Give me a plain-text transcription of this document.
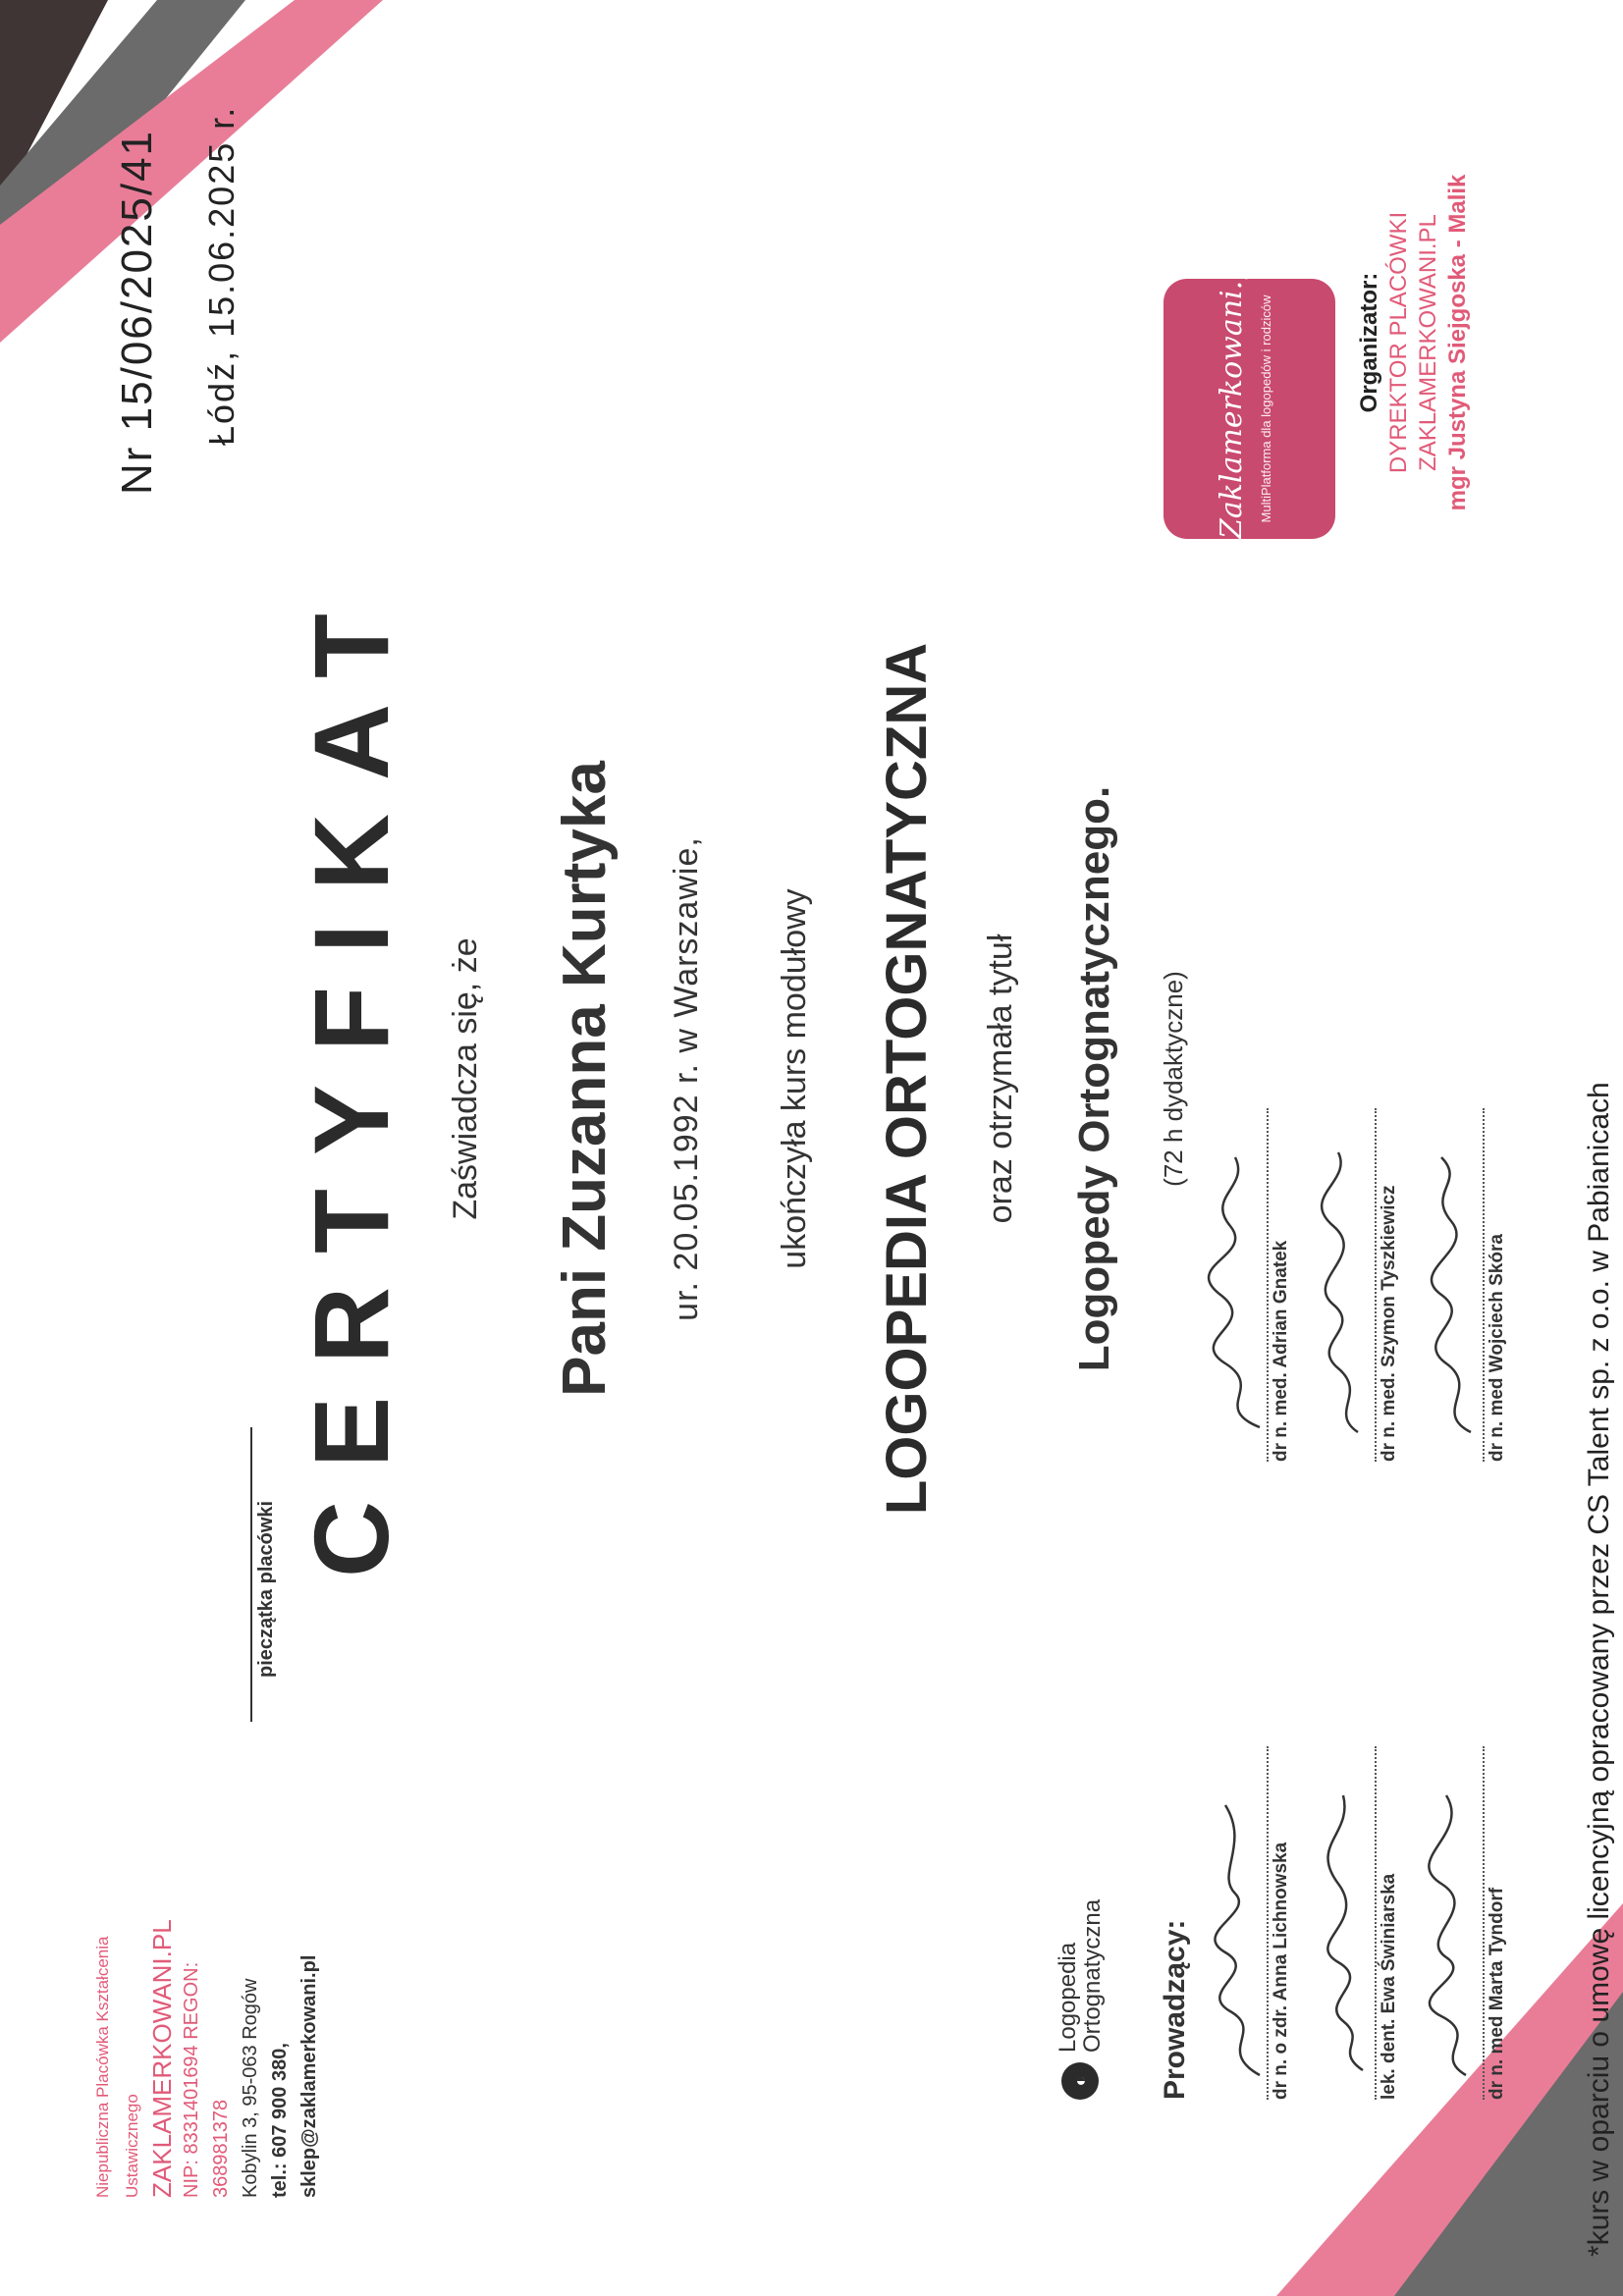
Niepubliczna Placówka Kształcenia Ustawicznego ZAKLAMERKOWANI.PL NIP: 8331401694 REGON: 368981378 Kobylin 3, 95-063 Rogów tel.: 607 900 380, sklep@zaklamerkowani.pl
pieczątka placówki
Nr 15/06/2025/41 Łódź, 15.06.2025 r.
CERTYFIKAT Zaświadcza się, że Pani Zuzanna Kurtyka ur. 20.05.1992 r. w Warszawie, ukończyła kurs modułowy LOGOPEDIA ORTOGNATYCZNA oraz otrzymała tytuł Logopedy Ortognatycznego. (72 h dydaktyczne)
◐
Logopedia
Ortognatyczna Prowadzący:	dr n. o zdr. Anna Lichnowska	lek. dent. Ewa Świniarska	dr n. med Marta Tyndorf
dr n. med. Adrian Gnatek	dr n. med. Szymon Tyszkiewicz	dr n. med Wojciech Skóra
Zaklamerkowani.pl MultiPlatforma dla logopedów i rodziców	Organizator: DYREKTOR PLACÓWKI ZAKLAMERKOWANI.PL mgr Justyna Siejgoska - Malik
*kurs w oparciu o umowę licencyjną opracowany przez CS Talent sp. z o.o. w Pabianicach
